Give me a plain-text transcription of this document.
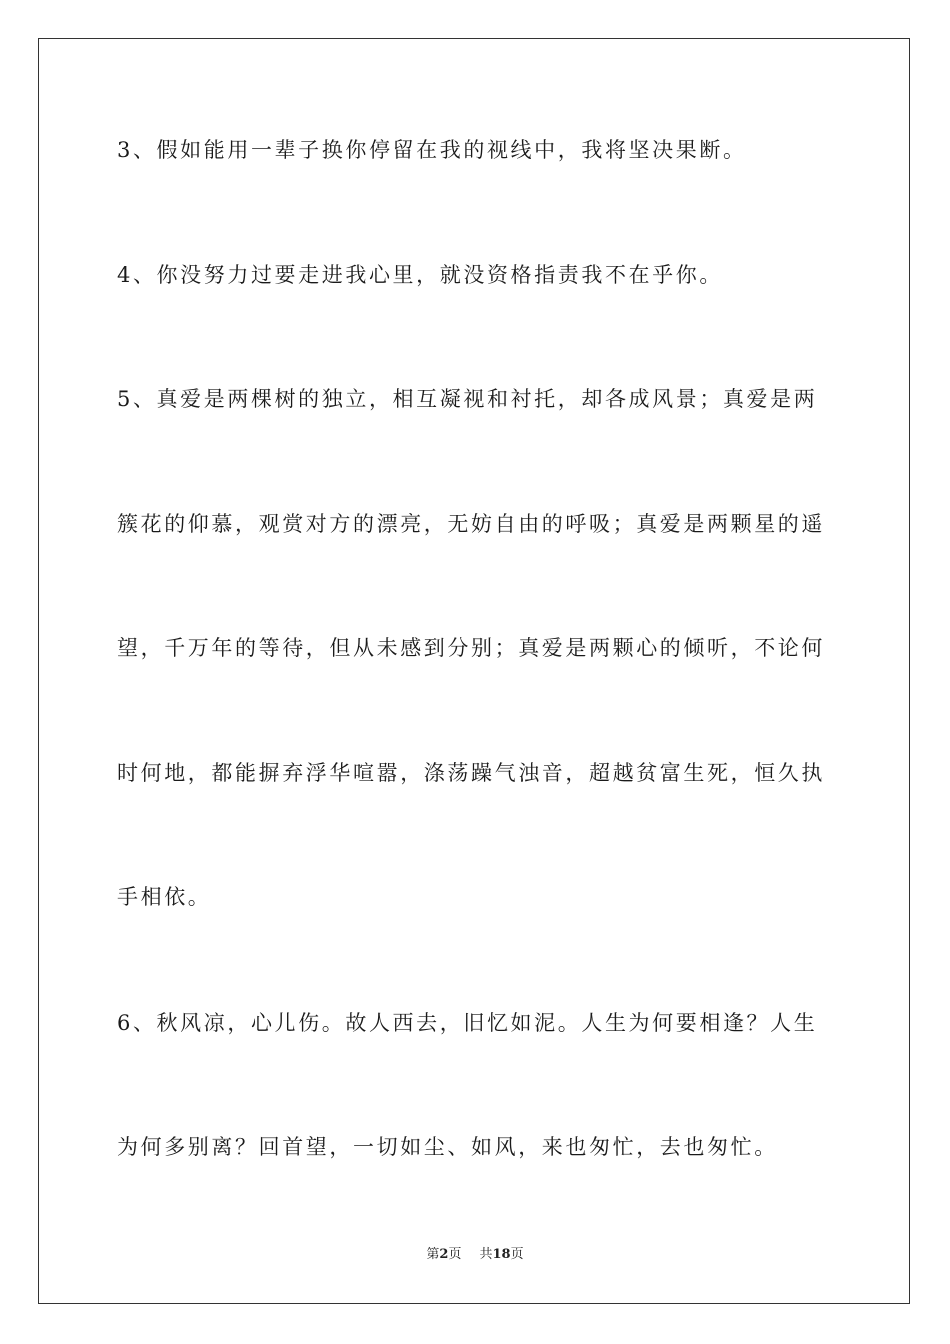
3、假如能用一辈子换你停留在我的视线中，我将坚决果断。
4、你没努力过要走进我心里，就没资格指责我不在乎你。
5、真爱是两棵树的独立，相互凝视和衬托，却各成风景；真爱是两
簇花的仰慕，观赏对方的漂亮，无妨自由的呼吸；真爱是两颗星的遥
望，千万年的等待，但从未感到分别；真爱是两颗心的倾听，不论何
时何地，都能摒弃浮华喧嚣，涤荡躁气浊音，超越贫富生死，恒久执
手相依。
6、秋风凉，心儿伤。故人西去，旧忆如泥。人生为何要相逢？人生
为何多别离？回首望，一切如尘、如风，来也匆忙，去也匆忙。
第2页 共18页
